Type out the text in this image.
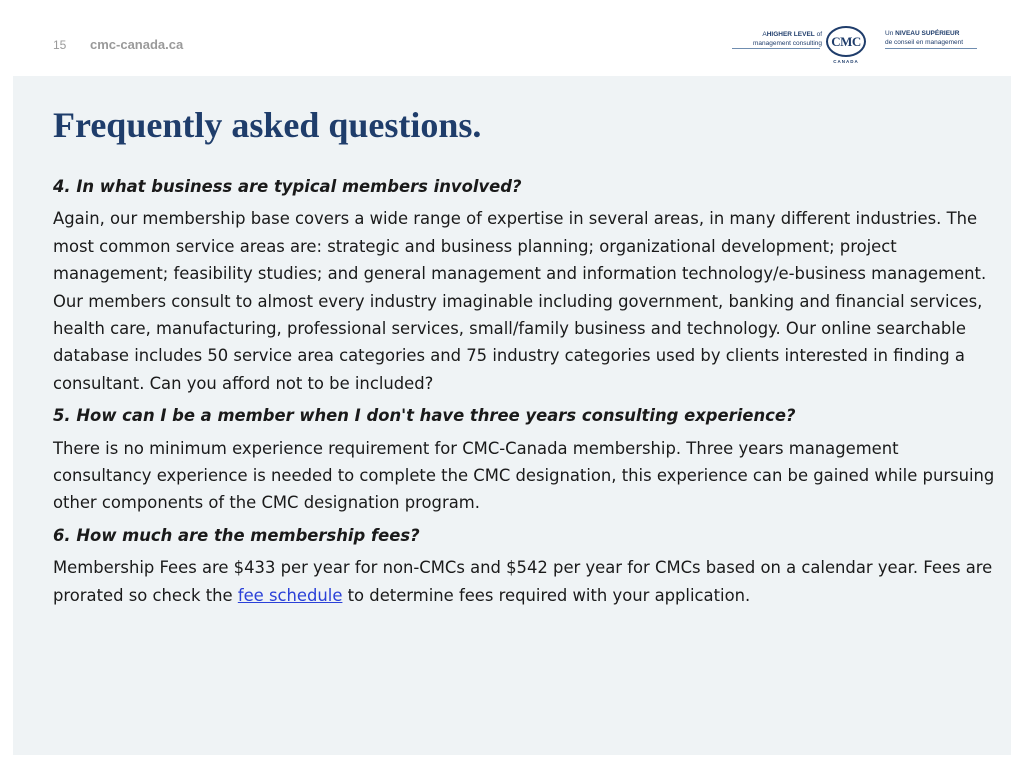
15 cmc-canada.ca
AHIGHER LEVEL of
management consulting CMC
CANADA
Un NIVEAU SUPÉRIEUR
de conseil en management
Frequently asked questions.

4. In what business are typical members involved?

Again, our membership base covers a wide range of expertise in several areas, in many different industries. The most common service areas are: strategic and business planning; organizational development; project management; feasibility studies; and general management and information technology/e-business management. Our members consult to almost every industry imaginable including government, banking and financial services, health care, manufacturing, professional services, small/family business and technology. Our online searchable database includes 50 service area categories and 75 industry categories used by clients interested in finding a consultant. Can you afford not to be included?

5. How can I be a member when I don't have three years consulting experience?

There is no minimum experience requirement for CMC-Canada membership. Three years management consultancy experience is needed to complete the CMC designation, this experience can be gained while pursuing other components of the CMC designation program.

6. How much are the membership fees?

Membership Fees are $433 per year for non-CMCs and $542 per year for CMCs based on a calendar year. Fees are prorated so check the fee schedule to determine fees required with your application.
